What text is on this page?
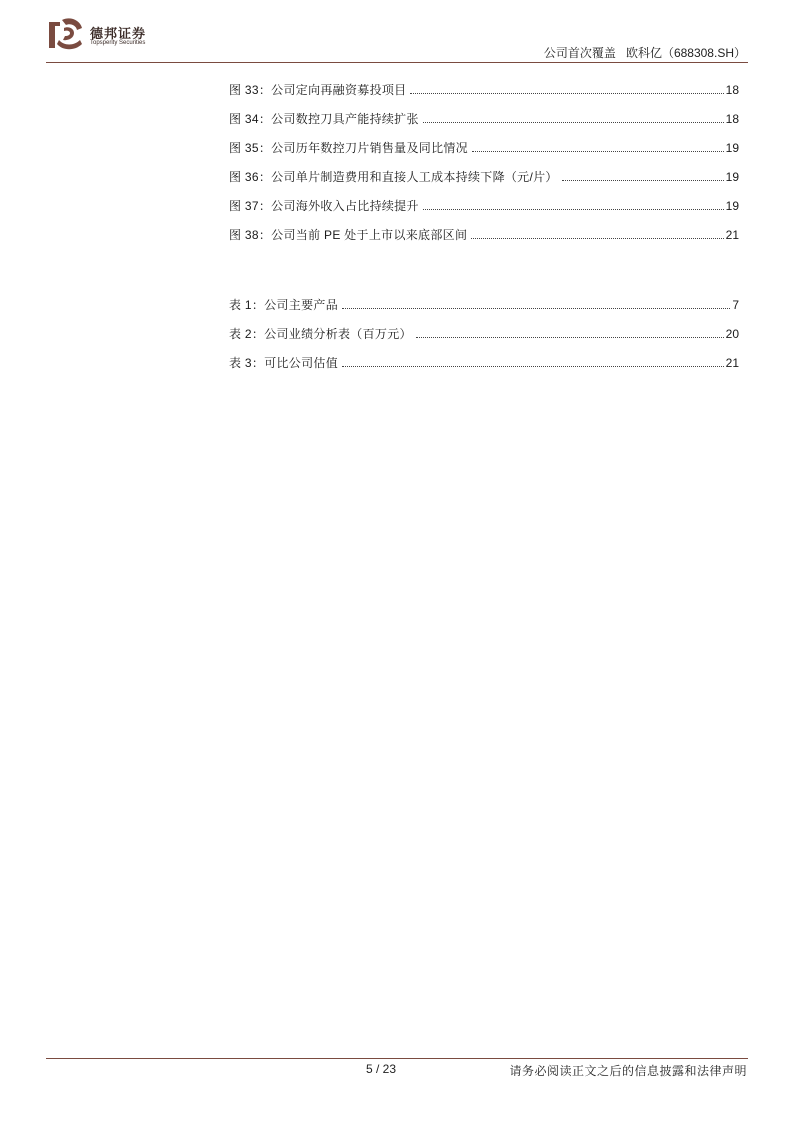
德邦证券
Topsperity Securities
公司首次覆盖 欧科亿（688308.SH）
图 33：公司定向再融资募投项目	18
图 34：公司数控刀具产能持续扩张	18
图 35：公司历年数控刀片销售量及同比情况	19
图 36：公司单片制造费用和直接人工成本持续下降（元/片）	19
图 37：公司海外收入占比持续提升	19
图 38：公司当前 PE 处于上市以来底部区间	21
表 1：公司主要产品	7
表 2：公司业绩分析表（百万元）	20
表 3：可比公司估值	21
5 / 23	请务必阅读正文之后的信息披露和法律声明
